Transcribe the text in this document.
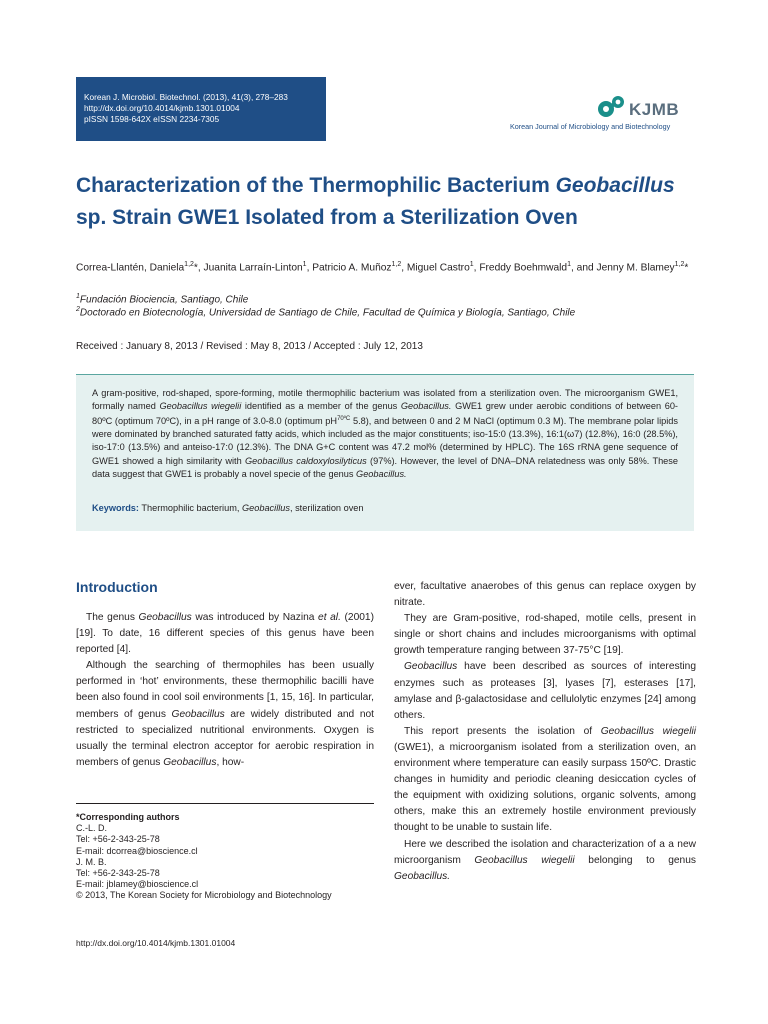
Korean J. Microbiol. Biotechnol. (2013), 41(3), 278–283
http://dx.doi.org/10.4014/kjmb.1301.01004
pISSN 1598-642X eISSN 2234-7305	KJMB
Korean Journal of Microbiology and Biotechnology
Characterization of the Thermophilic Bacterium Geobacillus
sp. Strain GWE1 Isolated from a Sterilization Oven
Correa-Llantén, Daniela$^{1,2}$*, Juanita Larraín-Linton$^1$, Patricio A. Muñoz$^{1,2}$, Miguel Castro$^1$, Freddy Boehmwald$^1$, and Jenny M. Blamey$^{1,2}$*
$^1$Fundación Biociencia, Santiago, Chile
$^2$Doctorado en Biotecnología, Universidad de Santiago de Chile, Facultad de Química y Biología, Santiago, Chile
Received : January 8, 2013 / Revised : May 8, 2013 / Accepted : July 12, 2013
A gram-positive, rod-shaped, spore-forming, motile thermophilic bacterium was isolated from a sterilization oven. The microorganism GWE1, formally named Geobacillus wiegelii identified as a member of the genus Geobacillus. GWE1 grew under aerobic conditions of between 60-80ºC (optimum 70ºC), in a pH range of 3.0-8.0 (optimum $pH^{70ºC}$ 5.8), and between 0 and 2 M NaCl (optimum 0.3 M). The membrane polar lipids were dominated by branched saturated fatty acids, which included as the major constituents; iso-15:0 (13.3%), 16:1(ω7) (12.8%), 16:0 (28.5%), iso-17:0 (13.5%) and anteiso-17:0 (12.3%). The DNA G+C content was 47.2 mol% (determined by HPLC). The 16S rRNA gene sequence of GWE1 showed a high similarity with Geobacillus caldoxylosilyticus (97%). However, the level of DNA–DNA relatedness was only 58%. These data suggest that GWE1 is probably a novel specie of the genus Geobacillus.
Keywords: Thermophilic bacterium, Geobacillus, sterilization oven
Introduction

The genus Geobacillus was introduced by Nazina et al. (2001) [19]. To date, 16 different species of this genus have been reported [4].

Although the searching of thermophiles has been usually performed in ‘hot’ environments, these thermophilic bacilli have been also found in cool soil environments [1, 15, 16]. In particular, members of genus Geobacillus are widely distributed and not restricted to specialized nutritional environments. Oxygen is usually the terminal electron acceptor for aerobic respiration in members of genus Geobacillus, how-

ever, facultative anaerobes of this genus can replace oxygen by nitrate.

They are Gram-positive, rod-shaped, motile cells, present in single or short chains and includes microorganisms with optimal growth temperature ranging between 37-75°C [19].

Geobacillus have been described as sources of interesting enzymes such as proteases [3], lyases [7], esterases [17], amylase and β-galactosidase and cellulolytic enzymes [24] among others.

This report presents the isolation of Geobacillus wiegelii (GWE1), a microorganism isolated from a sterilization oven, an environment where temperature can easily surpass 150ºC. Drastic changes in humidity and periodic cleaning desiccation cycles of the equipment with oxidizing solutions, organic solvents, among others, make this an extremely hostile environment previously thought to be unable to sustain life.

Here we described the isolation and characterization of a a new microorganism Geobacillus wiegelii belonging to genus Geobacillus.

*Corresponding authors
C.-L. D.
Tel: +56-2-343-25-78
E-mail: dcorrea@bioscience.cl
J. M. B.
Tel: +56-2-343-25-78
E-mail: jblamey@bioscience.cl
© 2013, The Korean Society for Microbiology and Biotechnology
http://dx.doi.org/10.4014/kjmb.1301.01004
